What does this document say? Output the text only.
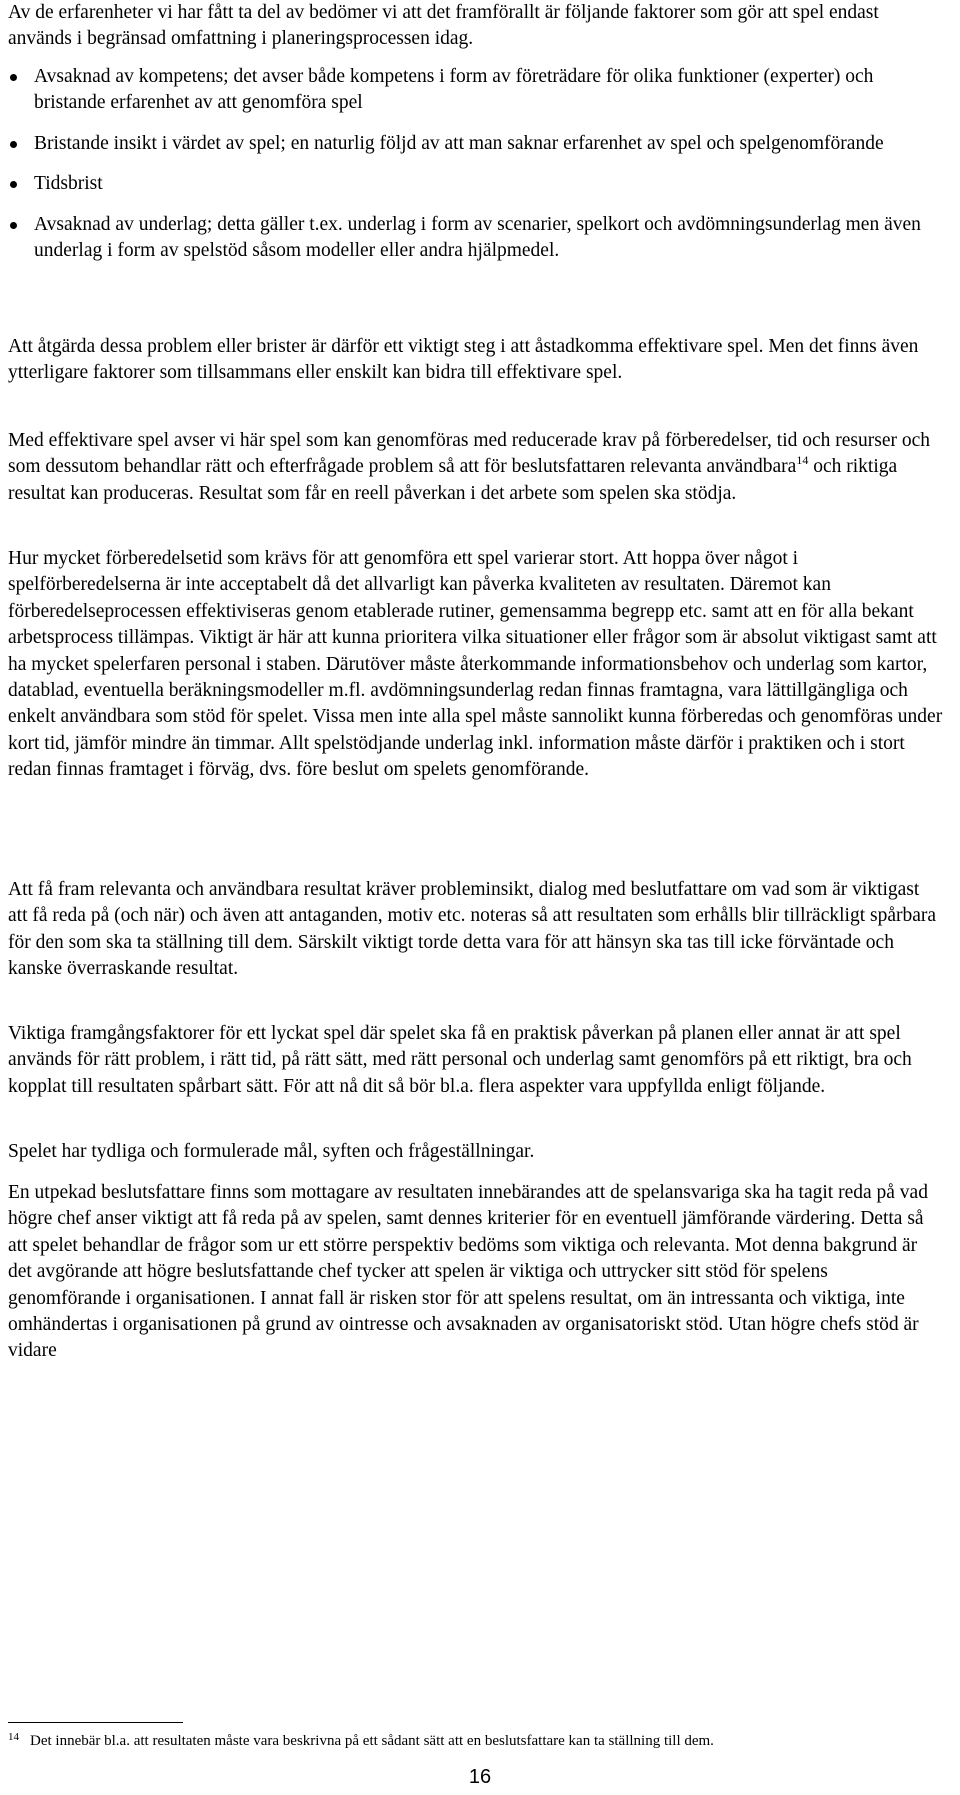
Av de erfarenheter vi har fått ta del av bedömer vi att det framförallt är följande faktorer som gör att spel endast används i begränsad omfattning i planeringsprocessen idag.

Avsaknad av kompetens; det avser både kompetens i form av företrädare för olika funktioner (experter) och bristande erfarenhet av att genomföra spel
Bristande insikt i värdet av spel; en naturlig följd av att man saknar erfarenhet av spel och spelgenomförande
Tidsbrist
Avsaknad av underlag; detta gäller t.ex. underlag i form av scenarier, spelkort och avdömningsunderlag men även underlag i form av spelstöd såsom modeller eller andra hjälpmedel.

Att åtgärda dessa problem eller brister är därför ett viktigt steg i att åstadkomma effektivare spel. Men det finns även ytterligare faktorer som tillsammans eller enskilt kan bidra till effektivare spel.

Med effektivare spel avser vi här spel som kan genomföras med reducerade krav på förberedelser, tid och resurser och som dessutom behandlar rätt och efterfrågade problem så att för beslutsfattaren relevanta användbara$^{14}$ och riktiga resultat kan produceras. Resultat som får en reell påverkan i det arbete som spelen ska stödja.

Hur mycket förberedelsetid som krävs för att genomföra ett spel varierar stort. Att hoppa över något i spelförberedelserna är inte acceptabelt då det allvarligt kan påverka kvaliteten av resultaten. Däremot kan förberedelseprocessen effektiviseras genom etablerade rutiner, gemensamma begrepp etc. samt att en för alla bekant arbetsprocess tillämpas. Viktigt är här att kunna prioritera vilka situationer eller frågor som är absolut viktigast samt att ha mycket spelerfaren personal i staben. Därutöver måste återkommande informationsbehov och underlag som kartor, datablad, eventuella beräkningsmodeller m.fl. avdömningsunderlag redan finnas framtagna, vara lättillgängliga och enkelt användbara som stöd för spelet. Vissa men inte alla spel måste sannolikt kunna förberedas och genomföras under kort tid, jämför mindre än timmar. Allt spelstödjande underlag inkl. information måste därför i praktiken och i stort redan finnas framtaget i förväg, dvs. före beslut om spelets genomförande.

Att få fram relevanta och användbara resultat kräver probleminsikt, dialog med beslutfattare om vad som är viktigast att få reda på (och när) och även att antaganden, motiv etc. noteras så att resultaten som erhålls blir tillräckligt spårbara för den som ska ta ställning till dem. Särskilt viktigt torde detta vara för att hänsyn ska tas till icke förväntade och kanske överraskande resultat.

Viktiga framgångsfaktorer för ett lyckat spel där spelet ska få en praktisk påverkan på planen eller annat är att spel används för rätt problem, i rätt tid, på rätt sätt, med rätt personal och underlag samt genomförs på ett riktigt, bra och kopplat till resultaten spårbart sätt. För att nå dit så bör bl.a. flera aspekter vara uppfyllda enligt följande.

Spelet har tydliga och formulerade mål, syften och frågeställningar.

En utpekad beslutsfattare finns som mottagare av resultaten innebärandes att de spelansvariga ska ha tagit reda på vad högre chef anser viktigt att få reda på av spelen, samt dennes kriterier för en eventuell jämförande värdering. Detta så att spelet behandlar de frågor som ur ett större perspektiv bedöms som viktiga och relevanta. Mot denna bakgrund är det avgörande att högre beslutsfattande chef tycker att spelen är viktiga och uttrycker sitt stöd för spelens genomförande i organisationen. I annat fall är risken stor för att spelens resultat, om än intressanta och viktiga, inte omhändertas i organisationen på grund av ointresse och avsaknaden av organisatoriskt stöd. Utan högre chefs stöd är vidare

14 Det innebär bl.a. att resultaten måste vara beskrivna på ett sådant sätt att en beslutsfattare kan ta ställning till dem.
16
